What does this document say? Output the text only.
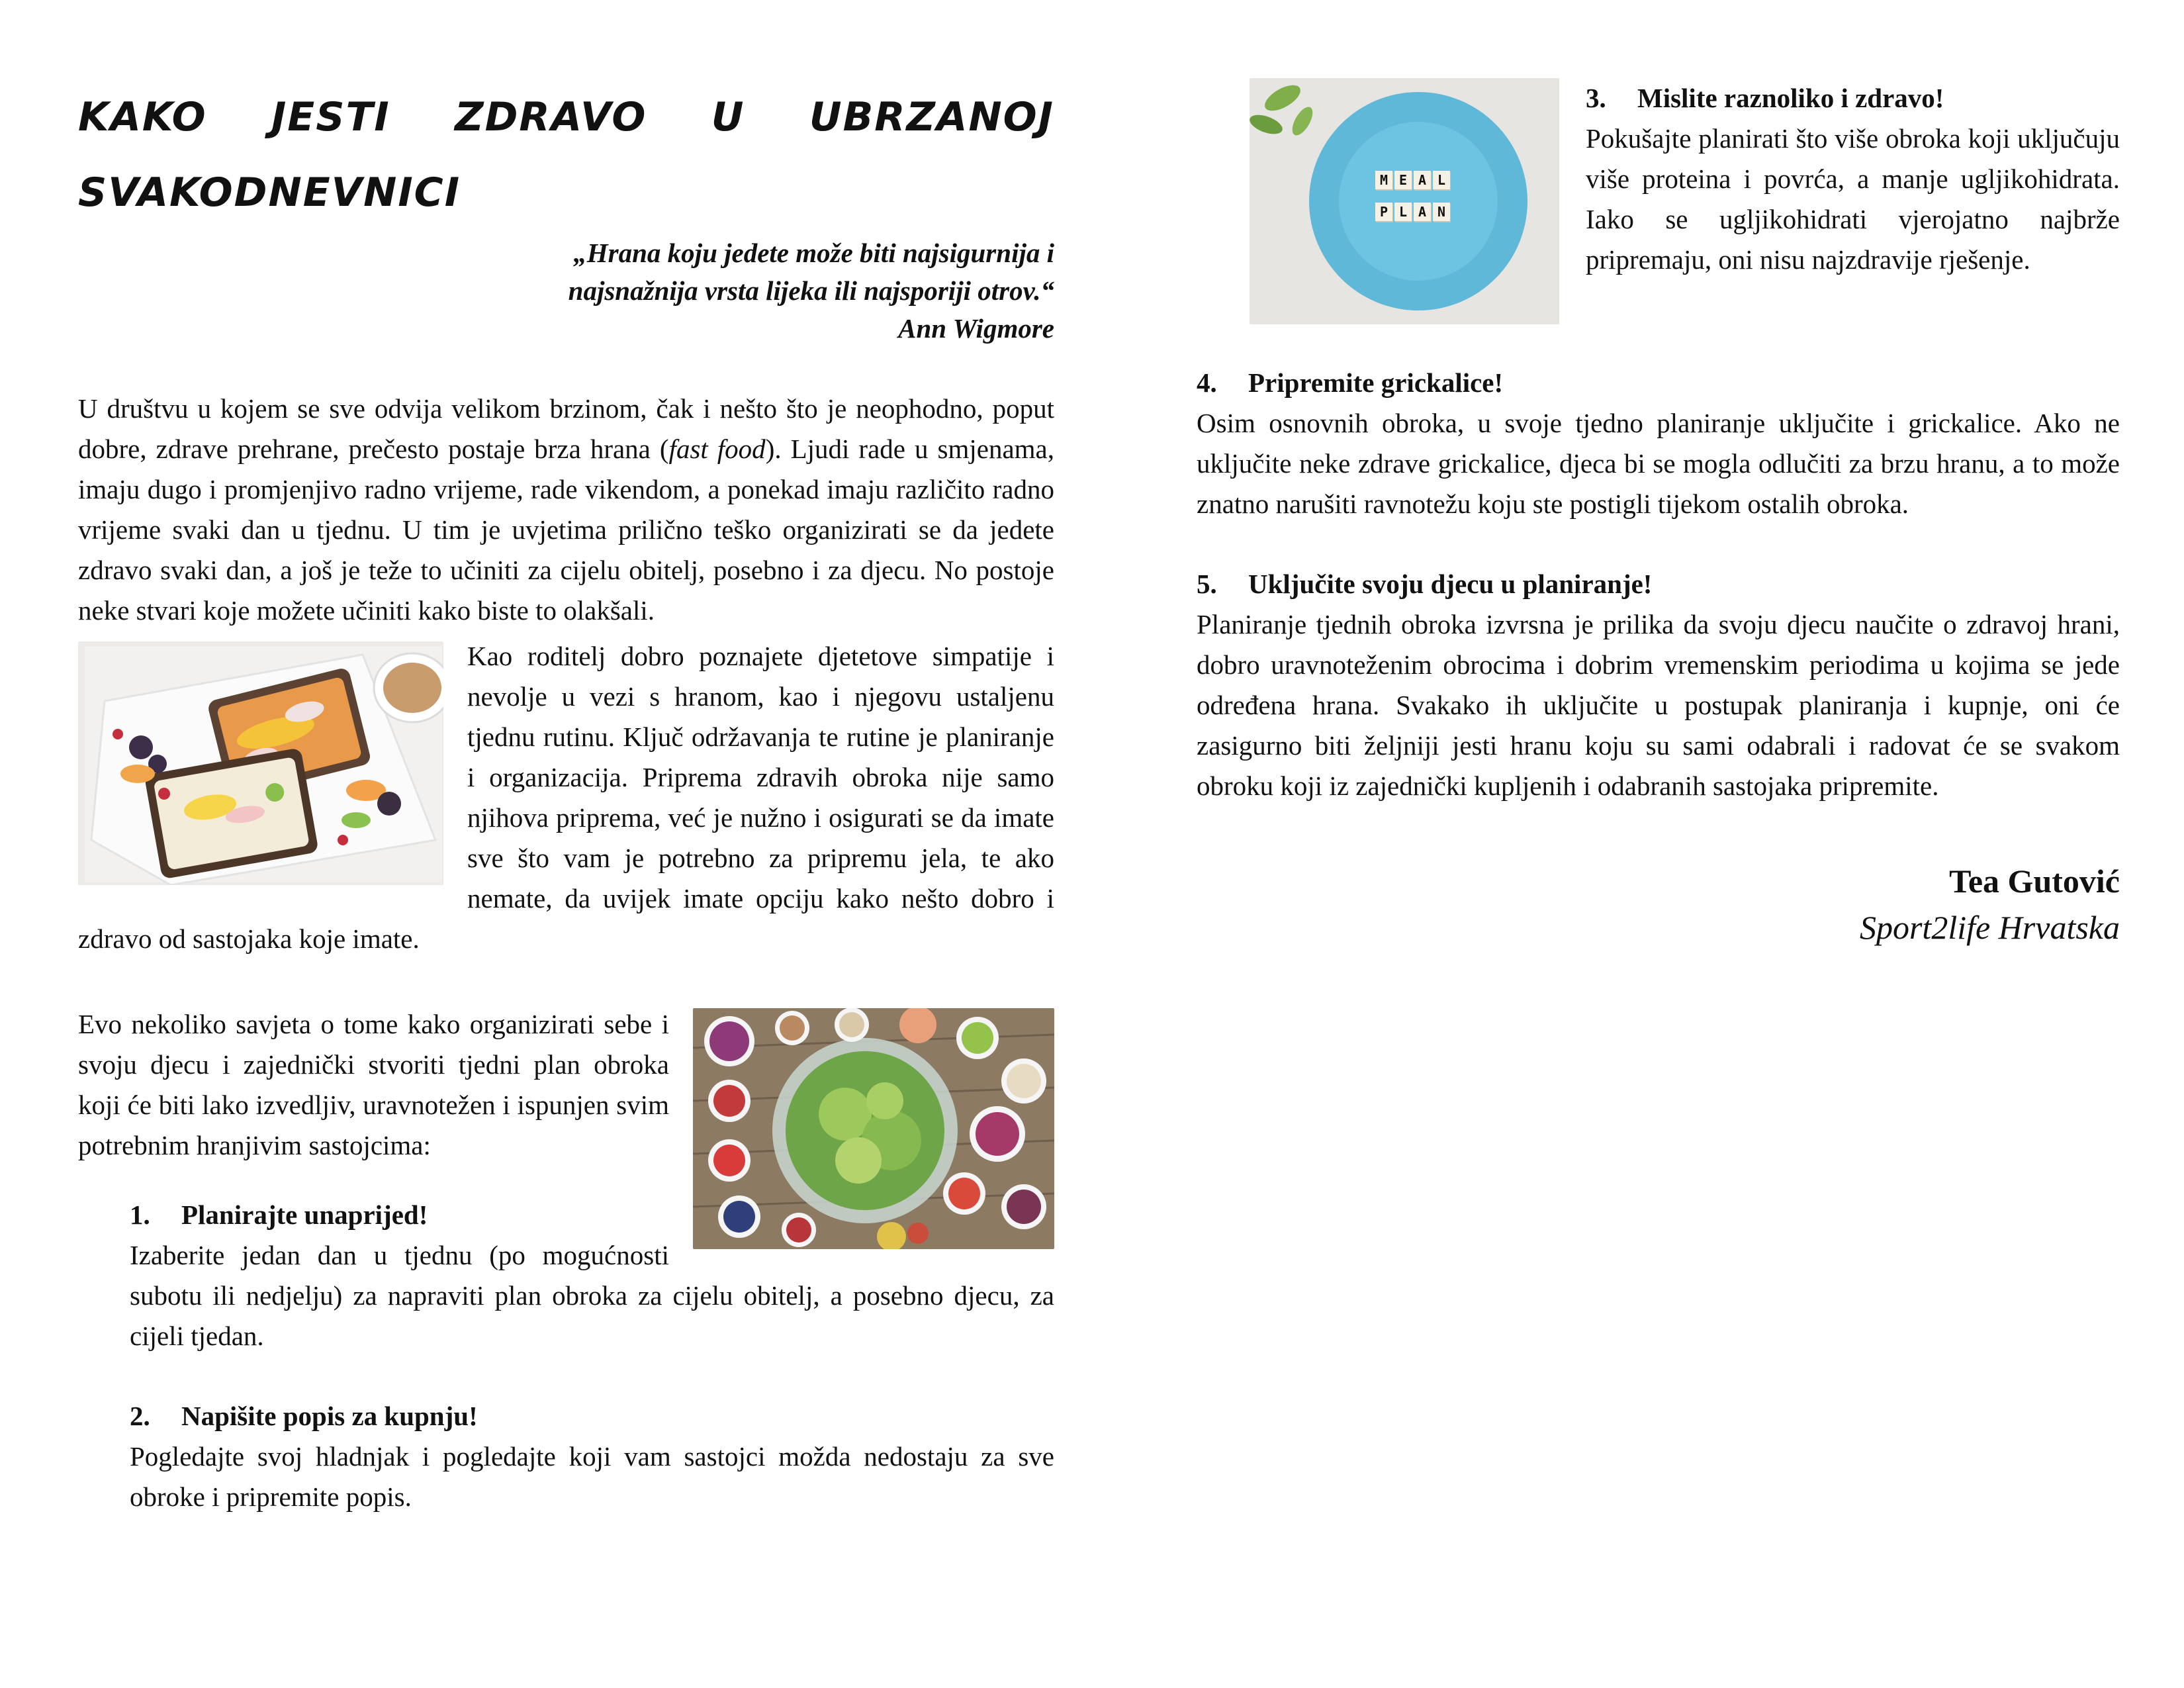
KAKO JESTI ZDRAVO U UBRZANOJ
SVAKODNEVNICI
„Hrana koju jedete može biti najsigurnija i
najsnažnija vrsta lijeka ili najsporiji otrov.“
Ann Wigmore

U društvu u kojem se sve odvija velikom brzinom, čak i nešto što je neophodno, poput dobre, zdrave prehrane, prečesto postaje brza hrana (fast food). Ljudi rade u smjenama, imaju dugo i promjenjivo radno vrijeme, rade vikendom, a ponekad imaju različito radno vrijeme svaki dan u tjednu. U tim je uvjetima prilično teško organizirati se da jedete zdravo svaki dan, a još je teže to učiniti za cijelu obitelj, posebno i za djecu. No postoje neke stvari koje možete učiniti kako biste to olakšali.

Kao roditelj dobro poznajete djetetove simpatije i nevolje u vezi s hranom, kao i njegovu ustaljenu tjednu rutinu. Ključ održavanja te rutine je planiranje i organizacija. Priprema zdravih obroka nije samo njihova priprema, već je nužno i osigurati se da imate sve što vam je potrebno za pripremu jela, te ako nemate, da uvijek imate opciju kako nešto dobro i zdravo od sastojaka koje imate.

Evo nekoliko savjeta o tome kako organizirati sebe i svoju djecu i zajednički stvoriti tjedni plan obroka koji će biti lako izvedljiv, uravnotežen i ispunjen svim potrebnim hranjivim sastojcima:

1. Planirajte unaprijed!

Izaberite jedan dan u tjednu (po mogućnosti subotu ili nedjelju) za napraviti plan obroka za cijelu obitelj, a posebno djecu, za cijeli tjedan.

2. Napišite popis za kupnju!

Pogledajte svoj hladnjak i pogledajte koji vam sastojci možda nedostaju za sve obroke i pripremite popis.

M E A L
P L A N
3. Mislite raznoliko i zdravo!

Pokušajte planirati što više obroka koji uključuju više proteina i povrća, a manje ugljikohidrata. Iako se ugljikohidrati vjerojatno najbrže pripremaju, oni nisu najzdravije rješenje.

4. Pripremite grickalice!

Osim osnovnih obroka, u svoje tjedno planiranje uključite i grickalice. Ako ne uključite neke zdrave grickalice, djeca bi se mogla odlučiti za brzu hranu, a to može znatno narušiti ravnotežu koju ste postigli tijekom ostalih obroka.

5. Uključite svoju djecu u planiranje!

Planiranje tjednih obroka izvrsna je prilika da svoju djecu naučite o zdravoj hrani, dobro uravnoteženim obrocima i dobrim vremenskim periodima u kojima se jede određena hrana. Svakako ih uključite u postupak planiranja i kupnje, oni će zasigurno biti željniji jesti hranu koju su sami odabrali i radovat će se svakom obroku koji iz zajednički kupljenih i odabranih sastojaka pripremite.

Tea Gutović
Sport2life Hrvatska
